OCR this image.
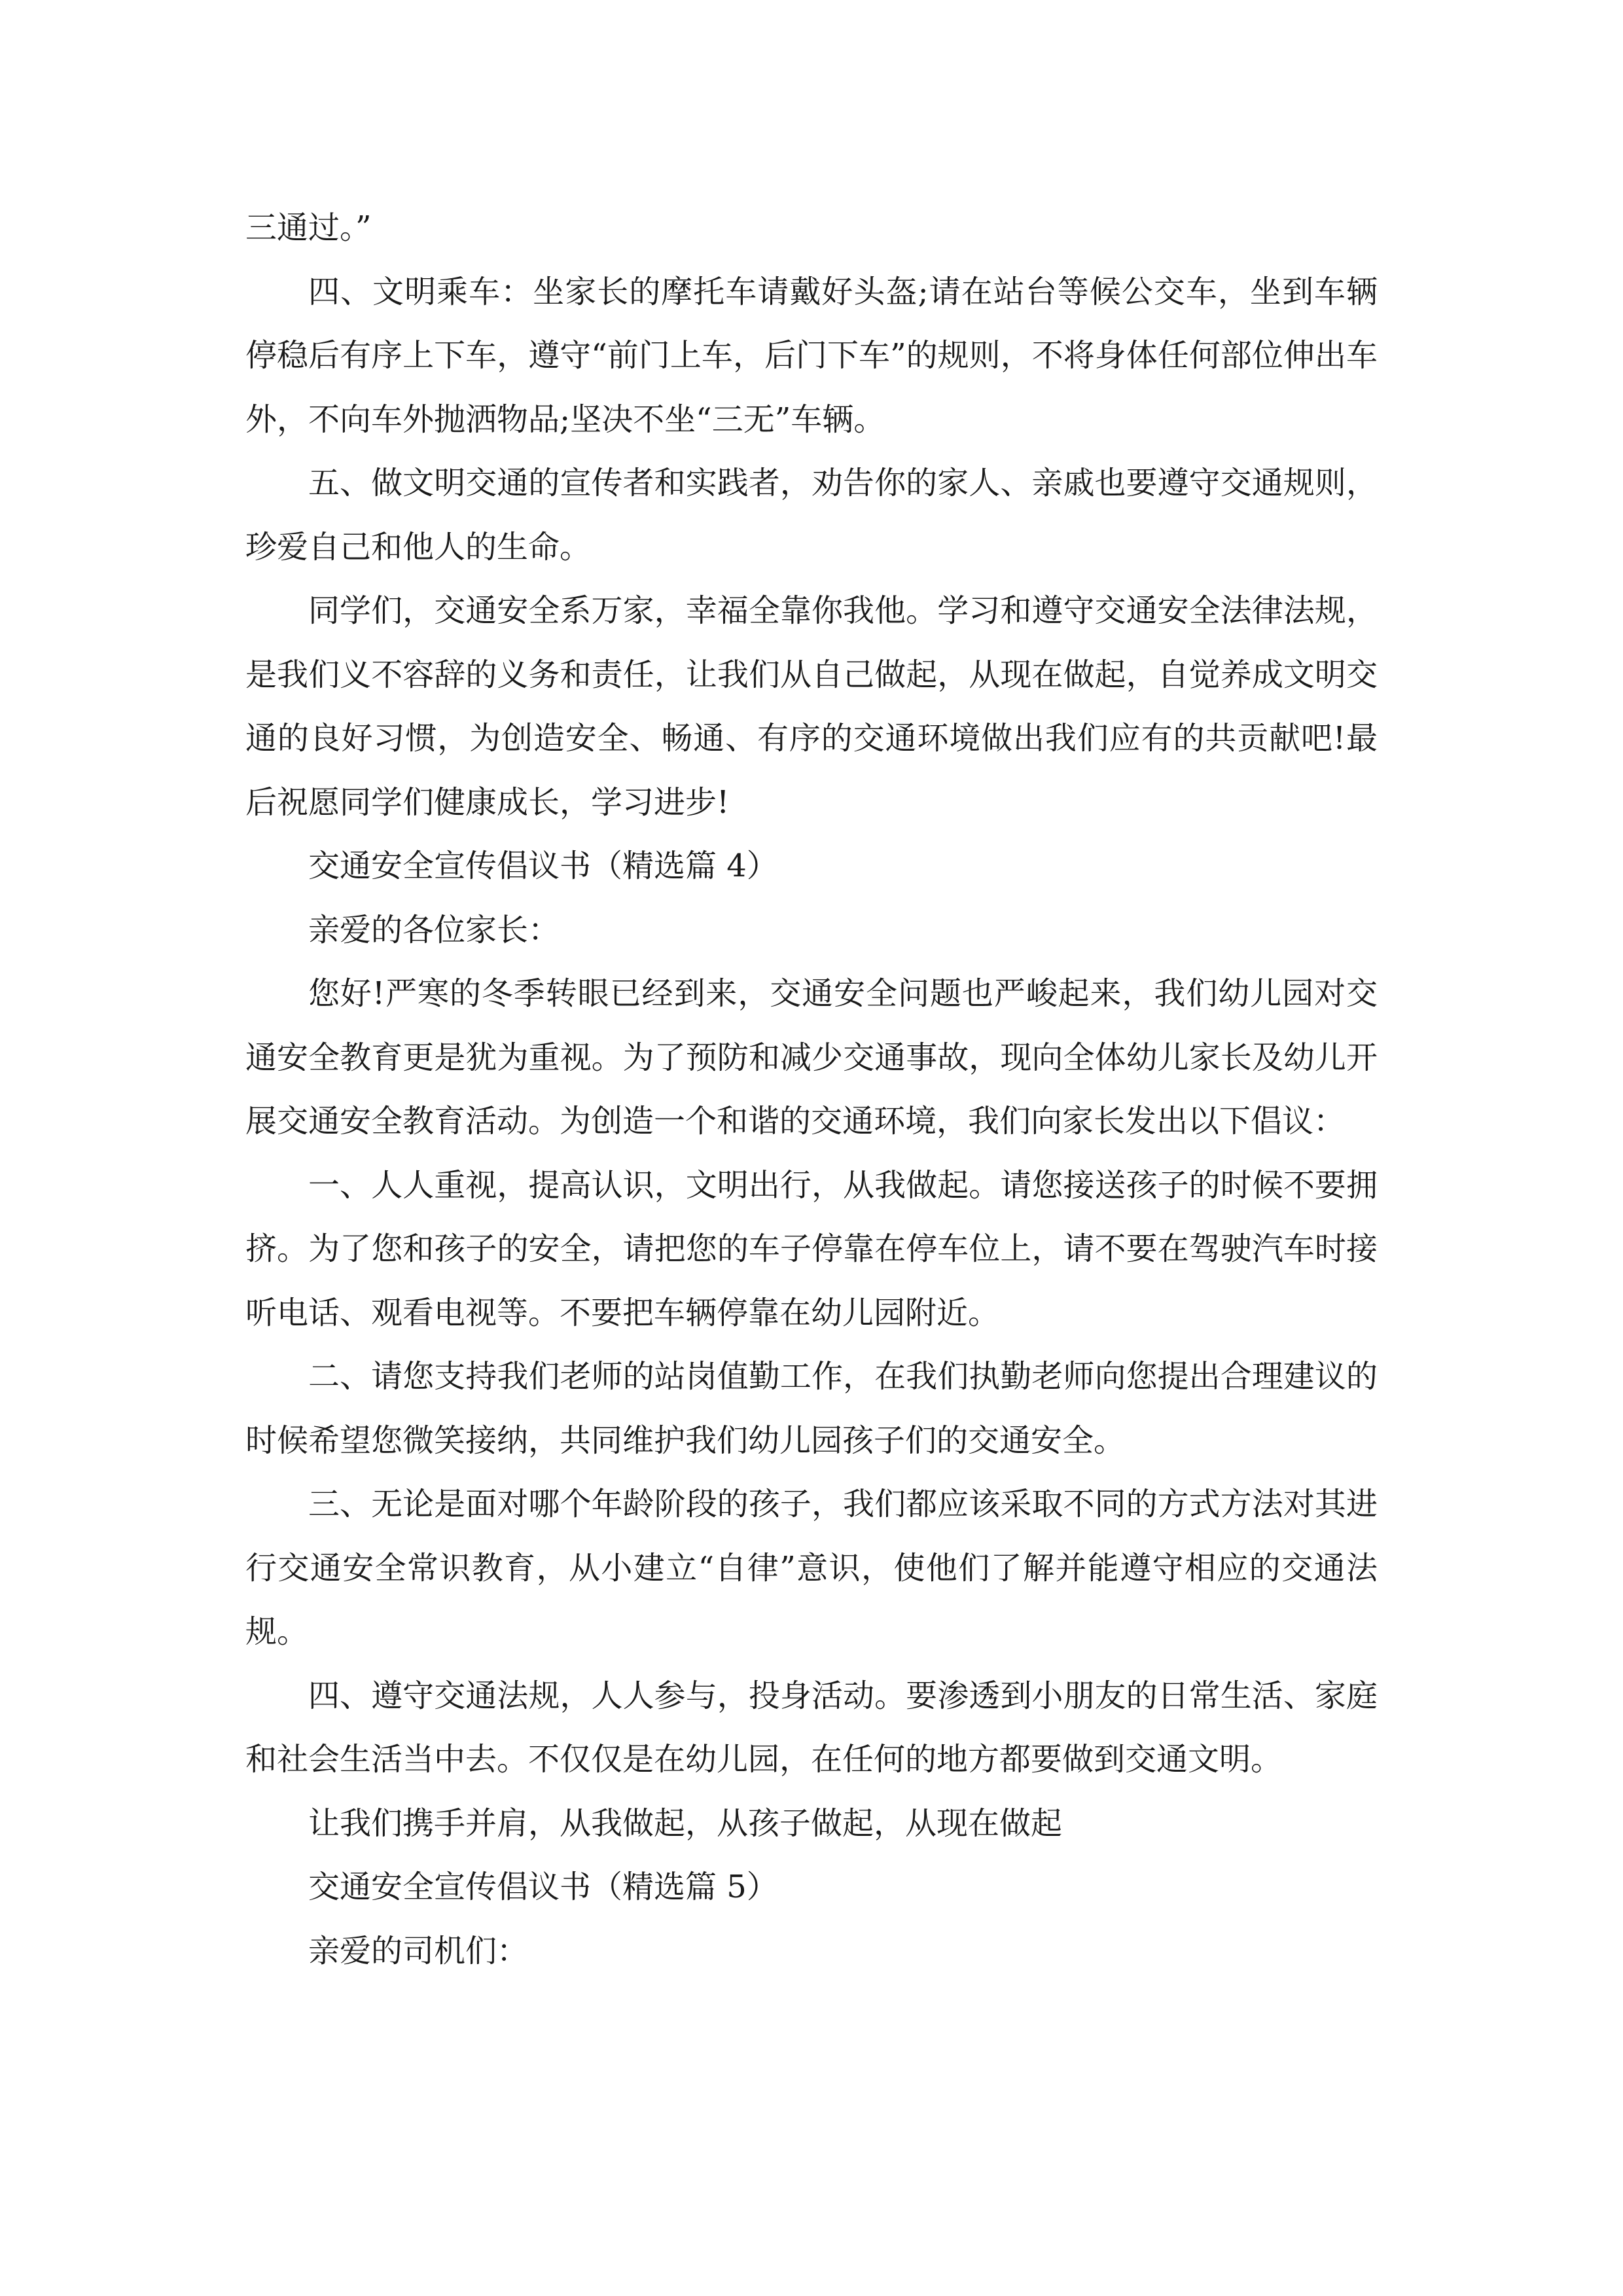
三通过。”

四、文明乘车：坐家长的摩托车请戴好头盔;请在站台等候公交车，坐到车辆停稳后有序上下车，遵守“前门上车，后门下车”的规则，不将身体任何部位伸出车外，不向车外抛洒物品;坚决不坐“三无”车辆。

五、做文明交通的宣传者和实践者，劝告你的家人、亲戚也要遵守交通规则，珍爱自己和他人的生命。

同学们，交通安全系万家，幸福全靠你我他。学习和遵守交通安全法律法规，是我们义不容辞的义务和责任，让我们从自己做起，从现在做起，自觉养成文明交通的良好习惯，为创造安全、畅通、有序的交通环境做出我们应有的共贡献吧!最后祝愿同学们健康成长，学习进步!

交通安全宣传倡议书（精选篇 4）

亲爱的各位家长：

您好!严寒的冬季转眼已经到来，交通安全问题也严峻起来，我们幼儿园对交通安全教育更是犹为重视。为了预防和减少交通事故，现向全体幼儿家长及幼儿开展交通安全教育活动。为创造一个和谐的交通环境，我们向家长发出以下倡议：

一、人人重视，提高认识，文明出行，从我做起。请您接送孩子的时候不要拥挤。为了您和孩子的安全，请把您的车子停靠在停车位上，请不要在驾驶汽车时接听电话、观看电视等。不要把车辆停靠在幼儿园附近。

二、请您支持我们老师的站岗值勤工作，在我们执勤老师向您提出合理建议的时候希望您微笑接纳，共同维护我们幼儿园孩子们的交通安全。

三、无论是面对哪个年龄阶段的孩子，我们都应该采取不同的方式方法对其进行交通安全常识教育，从小建立“自律”意识，使他们了解并能遵守相应的交通法规。

四、遵守交通法规，人人参与，投身活动。要渗透到小朋友的日常生活、家庭和社会生活当中去。不仅仅是在幼儿园，在任何的地方都要做到交通文明。

让我们携手并肩，从我做起，从孩子做起，从现在做起

交通安全宣传倡议书（精选篇 5）

亲爱的司机们：
